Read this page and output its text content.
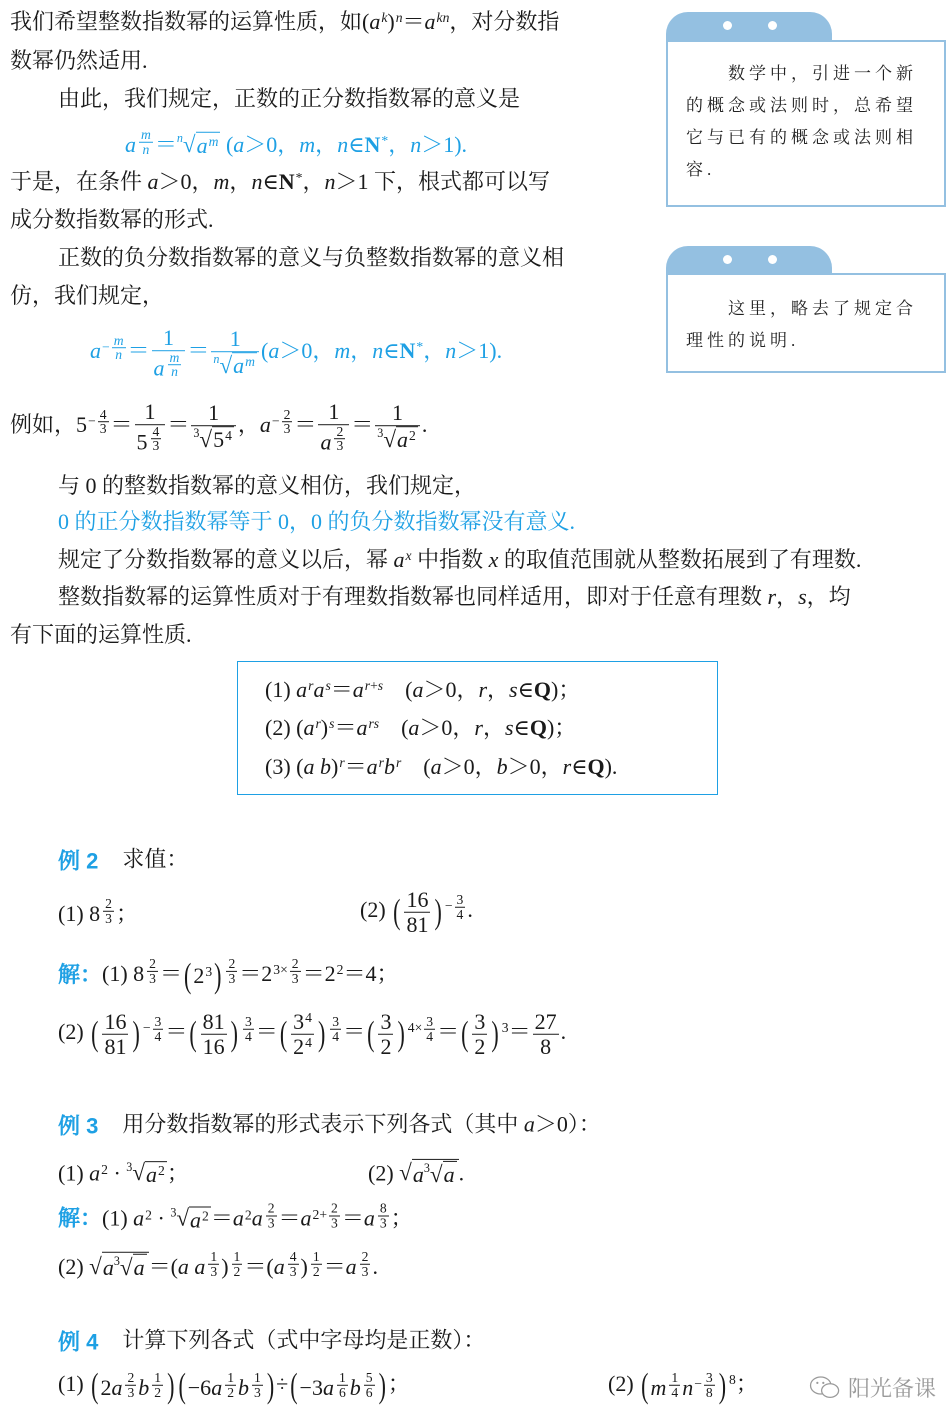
我们希望整数指数幂的运算性质，如(ak)n＝akn，对分数指
数幂仍然适用.
由此，我们规定，正数的正分数指数幂的意义是
a $\frac{m}{n} = n$ √ am (a＞0，m，n∈N*，n＞1).
于是，在条件 a＞0，m，n∈N*，n＞1 下，根式都可以写
成分数指数幂的形式.
正数的负分数指数幂的意义与负整数指数幂的意义相
仿，我们规定，
$a- \frac{m}{n} = \frac{1}{a \frac{m}{n}} = \frac{1}{n √ am} (a>0$，m，n∈N*，n＞1).
例如，$5- \frac{4}{3} = \frac{1}{5 \frac{4}{3}} = \frac{1}{3 √ 54}$ ，$a- \frac{2}{3} = \frac{1}{a \frac{2}{3}} = \frac{1}{3 √ a2}$ .
与 0 的整数指数幂的意义相仿，我们规定，
0 的正分数指数幂等于 0，0 的负分数指数幂没有意义.
规定了分数指数幂的意义以后，幂 ax 中指数 x 的取值范围就从整数拓展到了有理数.
整数指数幂的运算性质对于有理数指数幂也同样适用，即对于任意有理数 r，s，均
有下面的运算性质.
(1) aras＝ar+s　(a＞0，r，s∈Q)；
(2) (ar)s＝ars　(a＞0，r，s∈Q)；
(3) (a b)r＝arbr　(a＞0，b＞0，r∈Q).
数学中，引进一个新的概念或法则时，总希望它与已有的概念或法则相容.
这里，略去了规定合理性的说明.
例 2 求值：
(1) $8 \frac{2}{3}$ ；	(2) ( $\frac{16}{81}$ ) − $\frac{3}{4}$ .
解： (1) $8 \frac{2}{3}$ ＝ ( 23 ) $\frac{2}{3} =23\times \frac{2}{3} =22=4$；
(2) ( $\frac{16}{81}$ ) − $\frac{3}{4}$ ＝ ( $\frac{81}{16}$ ) $\frac{3}{4}$ ＝ ( $\frac{34}{24}$ ) $\frac{3}{4}$ ＝ ( $\frac{3}{2}$ ) $4\times \frac{3}{4}$ ＝ ( $\frac{3}{2}$ ) $3= \frac{27}{8}$ .
例 3 用分数指数幂的形式表示下列各式（其中 a＞0）：
(1) a2 · 3 √ a2 ；	(2) √ a 3 √ a .
解： (1) a2 · 3 √ $a2 =a2a \frac{2}{3} =a2+ \frac{2}{3} =a \frac{8}{3}$ ；
(2) √ a 3 √ a ＝(a a $\frac{1}{3}$ ) $\frac{1}{2} =(a \frac{4}{3}$ ) $\frac{1}{2} =a \frac{2}{3}$ .
例 4 计算下列各式（式中字母均是正数）：
(1) ( $2a \frac{2}{3}$ b $\frac{1}{2}$ ) ( $-6a \frac{1}{2}$ b $\frac{1}{3}$ ) ÷ ( $-3a \frac{1}{6}$ b $\frac{5}{6}$ ) ；	(2) ( m $\frac{1}{4} n- \frac{3}{8}$ ) 8；	阳光备课
